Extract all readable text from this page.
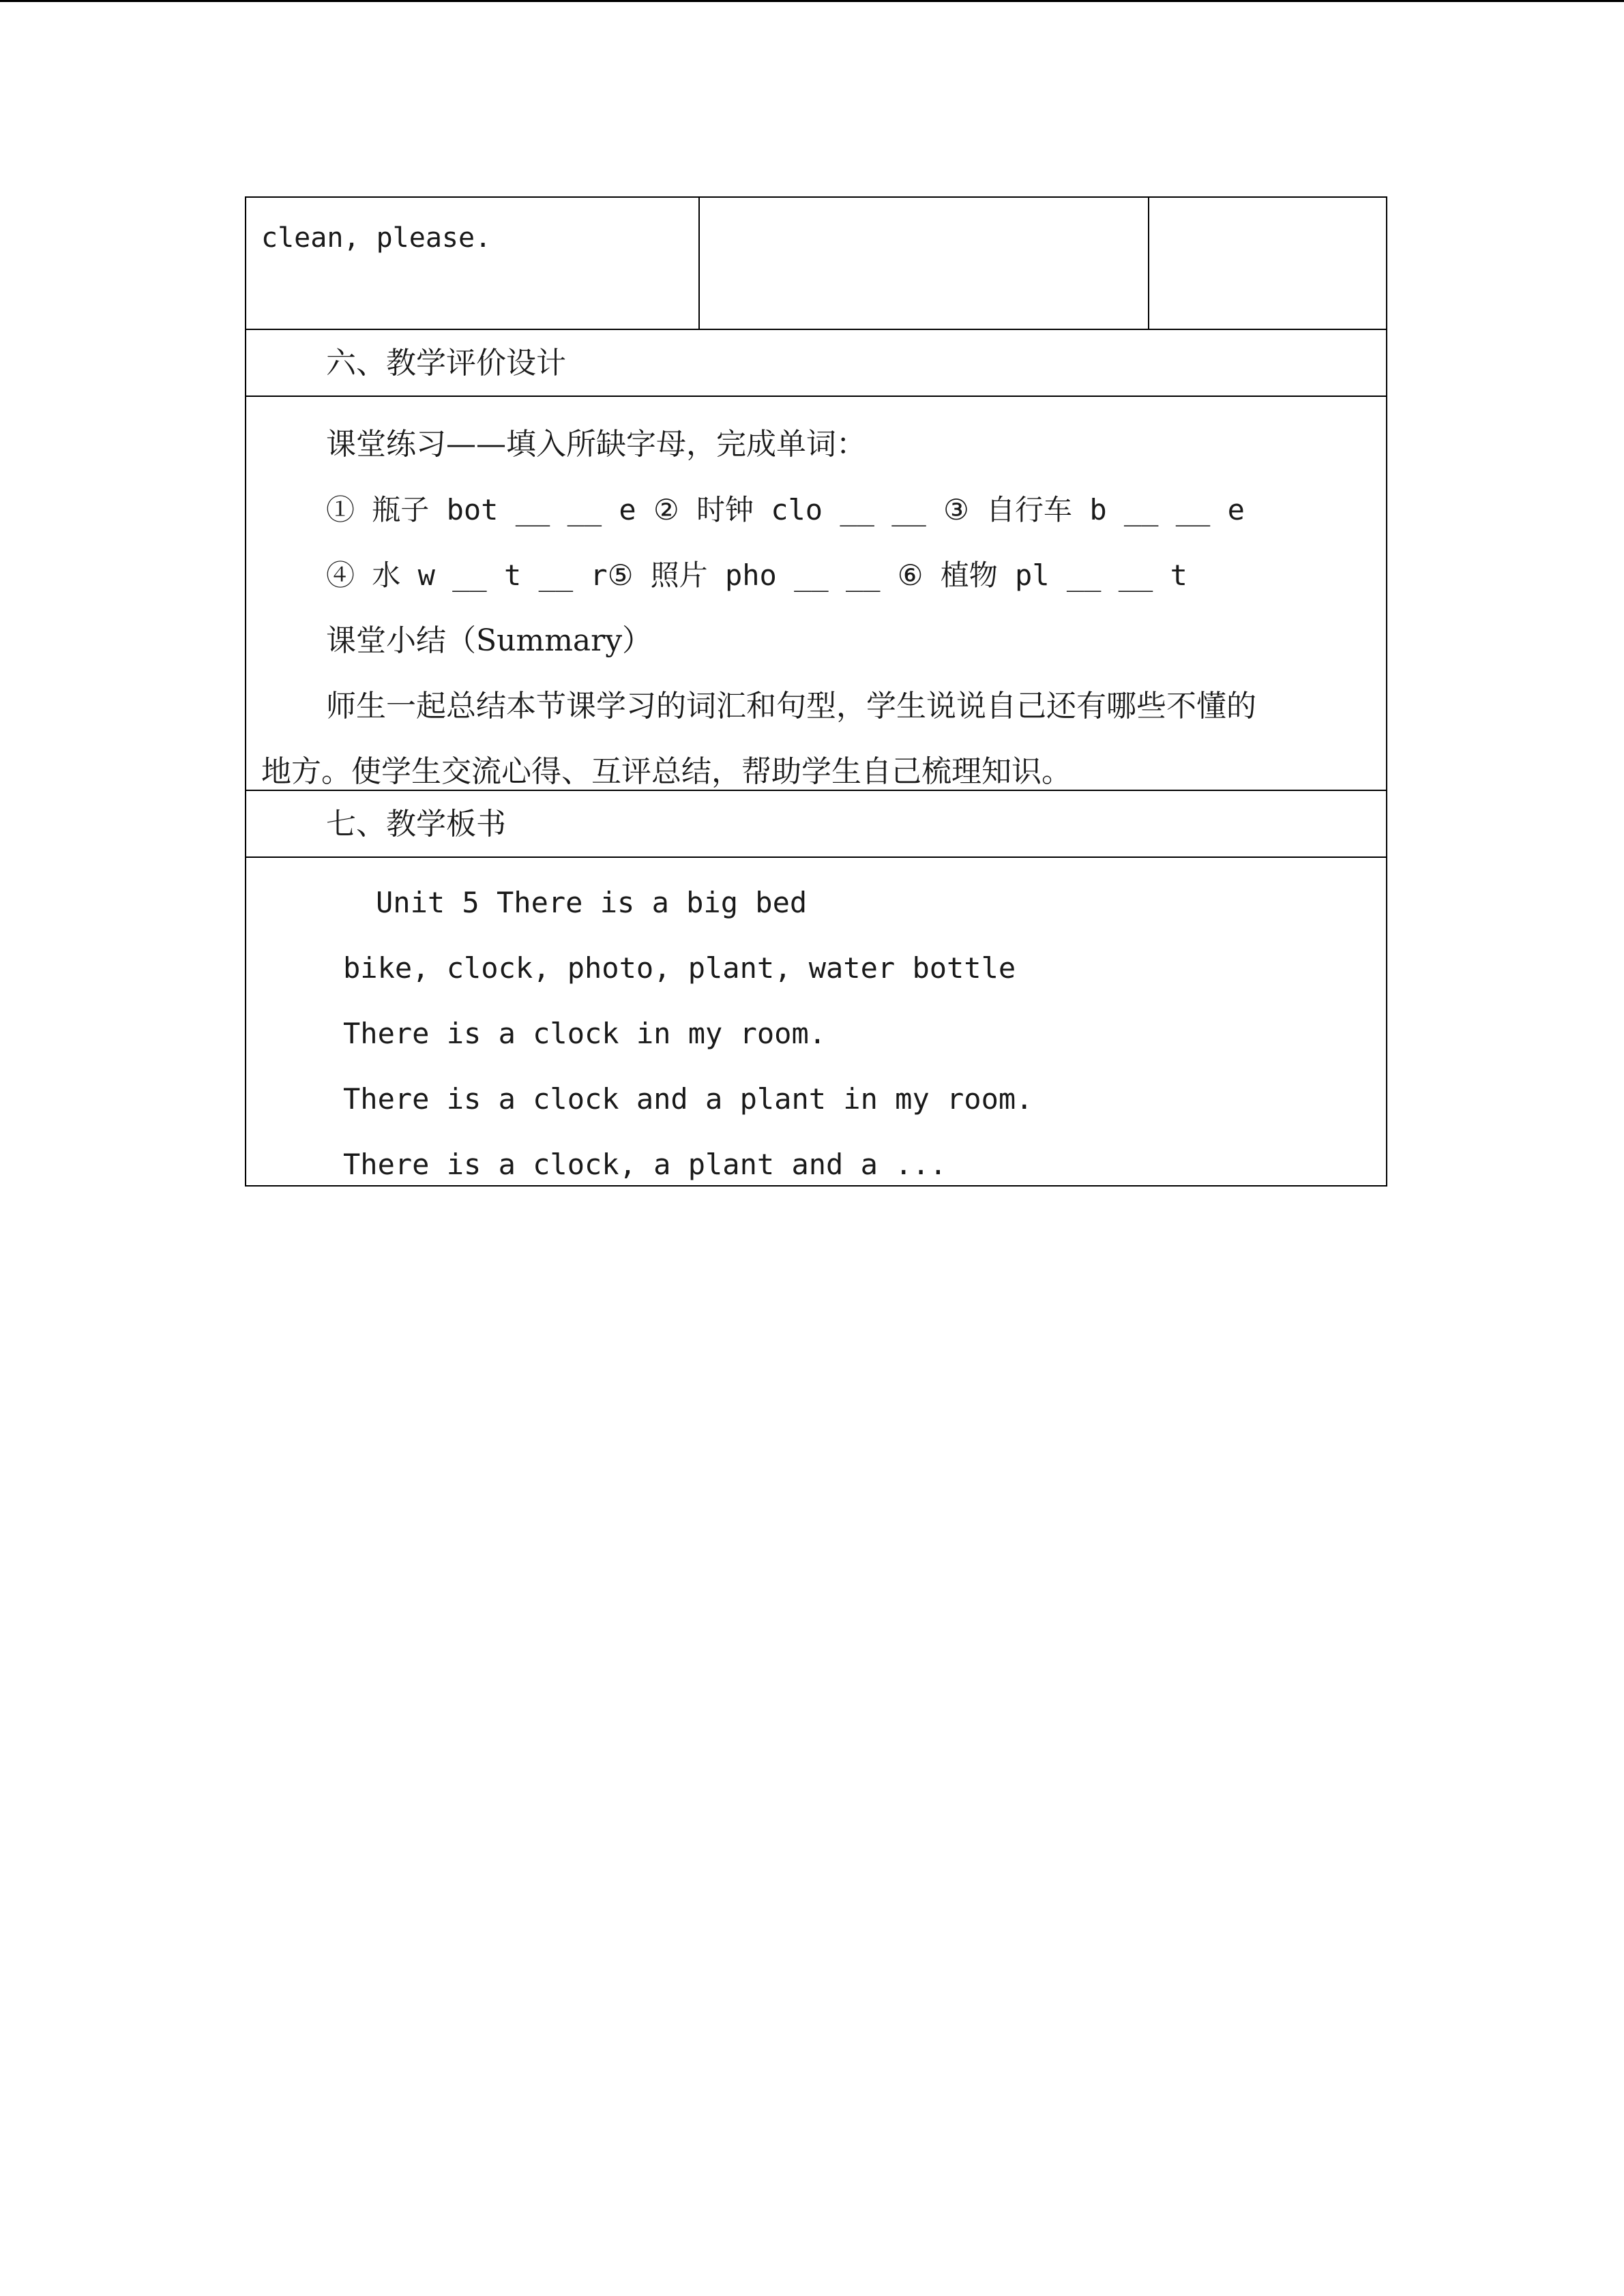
clean, please.
六、教学评价设计
课堂练习——填入所缺字母，完成单词：
① 瓶子 bot __ __ e ② 时钟 clo __ __ ③ 自行车 b __ __ e
④ 水 w __ t __ r⑤ 照片 pho __ __ ⑥ 植物 pl __ __ t
课堂小结（Summary）
师生一起总结本节课学习的词汇和句型，学生说说自己还有哪些不懂的
地方。使学生交流心得、互评总结，帮助学生自己梳理知识。
七、教学板书
Unit 5 There is a big bed
bike, clock, photo, plant, water bottle
There is a clock in my room.
There is a clock and a plant in my room.
There is a clock, a plant and a ...
